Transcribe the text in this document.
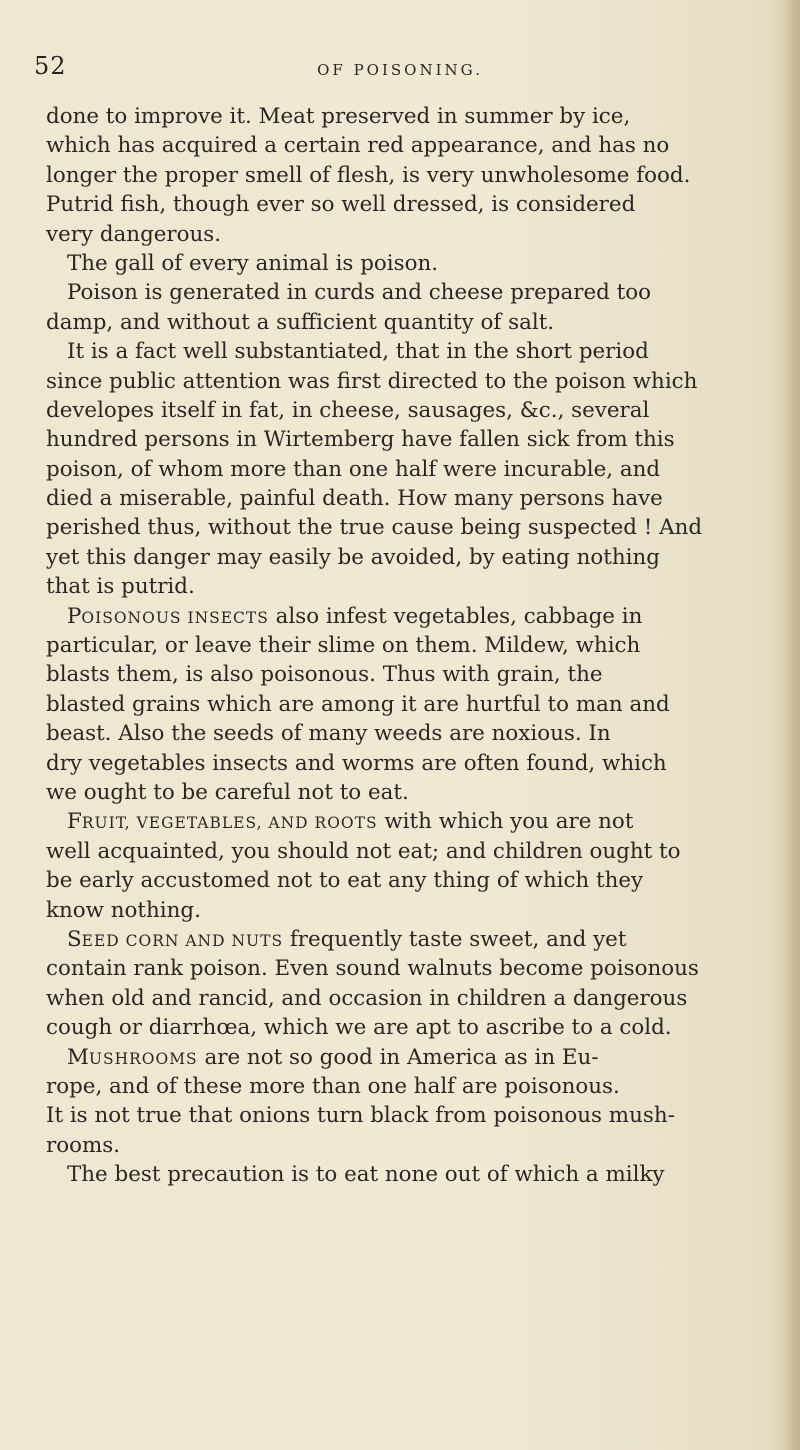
52	OF POISONING.
done to improve it. Meat preserved in summer by ice,
which has acquired a certain red appearance, and has no
longer the proper smell of flesh, is very unwholesome food.
Putrid fish, though ever so well dressed, is considered
very dangerous.
The gall of every animal is poison.
Poison is generated in curds and cheese prepared too
damp, and without a sufficient quantity of salt.
It is a fact well substantiated, that in the short period
since public attention was first directed to the poison which
developes itself in fat, in cheese, sausages, &c., several
hundred persons in Wirtemberg have fallen sick from this
poison, of whom more than one half were incurable, and
died a miserable, painful death. How many persons have
perished thus, without the true cause being suspected ! And
yet this danger may easily be avoided, by eating nothing
that is putrid.
POISONOUS INSECTS also infest vegetables, cabbage in
particular, or leave their slime on them. Mildew, which
blasts them, is also poisonous. Thus with grain, the
blasted grains which are among it are hurtful to man and
beast. Also the seeds of many weeds are noxious. In
dry vegetables insects and worms are often found, which
we ought to be careful not to eat.
FRUIT, VEGETABLES, AND ROOTS with which you are not
well acquainted, you should not eat; and children ought to
be early accustomed not to eat any thing of which they
know nothing.
SEED CORN AND NUTS frequently taste sweet, and yet
contain rank poison. Even sound walnuts become poisonous
when old and rancid, and occasion in children a dangerous
cough or diarrhœa, which we are apt to ascribe to a cold.
MUSHROOMS are not so good in America as in Eu-
rope, and of these more than one half are poisonous.
It is not true that onions turn black from poisonous mush-
rooms.
The best precaution is to eat none out of which a milky
